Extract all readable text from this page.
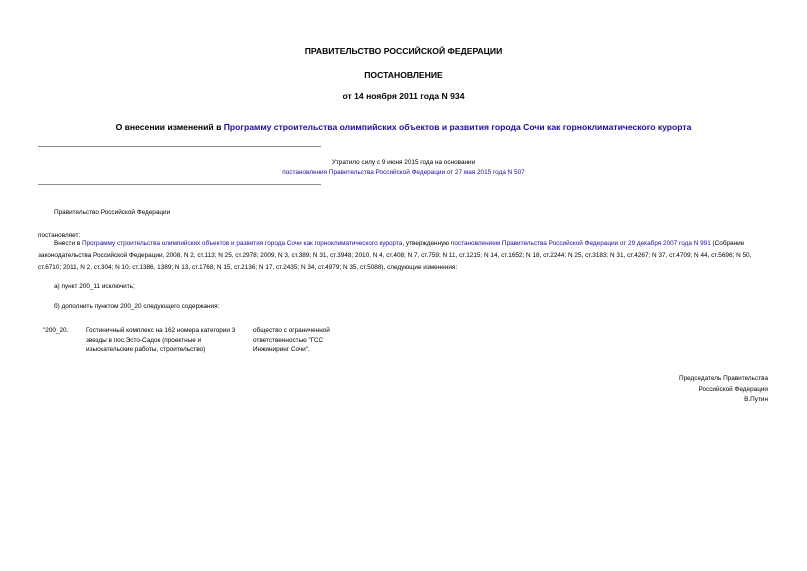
ПРАВИТЕЛЬСТВО РОССИЙСКОЙ ФЕДЕРАЦИИ
ПОСТАНОВЛЕНИЕ
от 14 ноября 2011 года N 934
О внесении изменений в Программу строительства олимпийских объектов и развития города Сочи как горноклиматического курорта
Утратило силу с 9 июня 2015 года на основании
постановления Правительства Российской Федерации от 27 мая 2015 года N 507
Правительство Российской Федерации
постановляет:
Внести в Программу строительства олимпийских объектов и развития города Сочи как горноклиматического курорта, утвержденную постановлением Правительства Российской Федерации от 29 декабря 2007 года N 991 (Собрание законодательства Российской Федерации, 2008, N 2, ст.113; N 25, ст.2978; 2009, N 3, ст.389; N 31, ст.3948; 2010, N 4, ст.408; N 7, ст.759; N 11, ст.1215; N 14, ст.1652; N 18, ст.2244; N 25, ст.3183; N 31, ст.4267; N 37, ст.4709; N 44, ст.5696; N 50, ст.6710; 2011, N 2, ст.304; N 10, ст.1386, 1389; N 13, ст.1768; N 15, ст.2136; N 17, ст.2435; N 34, ст.4979; N 35, ст.5088), следующие изменения:
а) пункт 200_11 исключить;
б) дополнить пунктом 200_20 следующего содержания:
"200_20.	Гостиничный комплекс на 162 номера категории 3 звезды в пос.Эсто-Садок (проектные и изыскательские работы, строительство)
общество с ограниченной ответственностью "ГСС Инжиниринг Сочи".
Председатель Правительства
Российской Федерации
В.Путин
